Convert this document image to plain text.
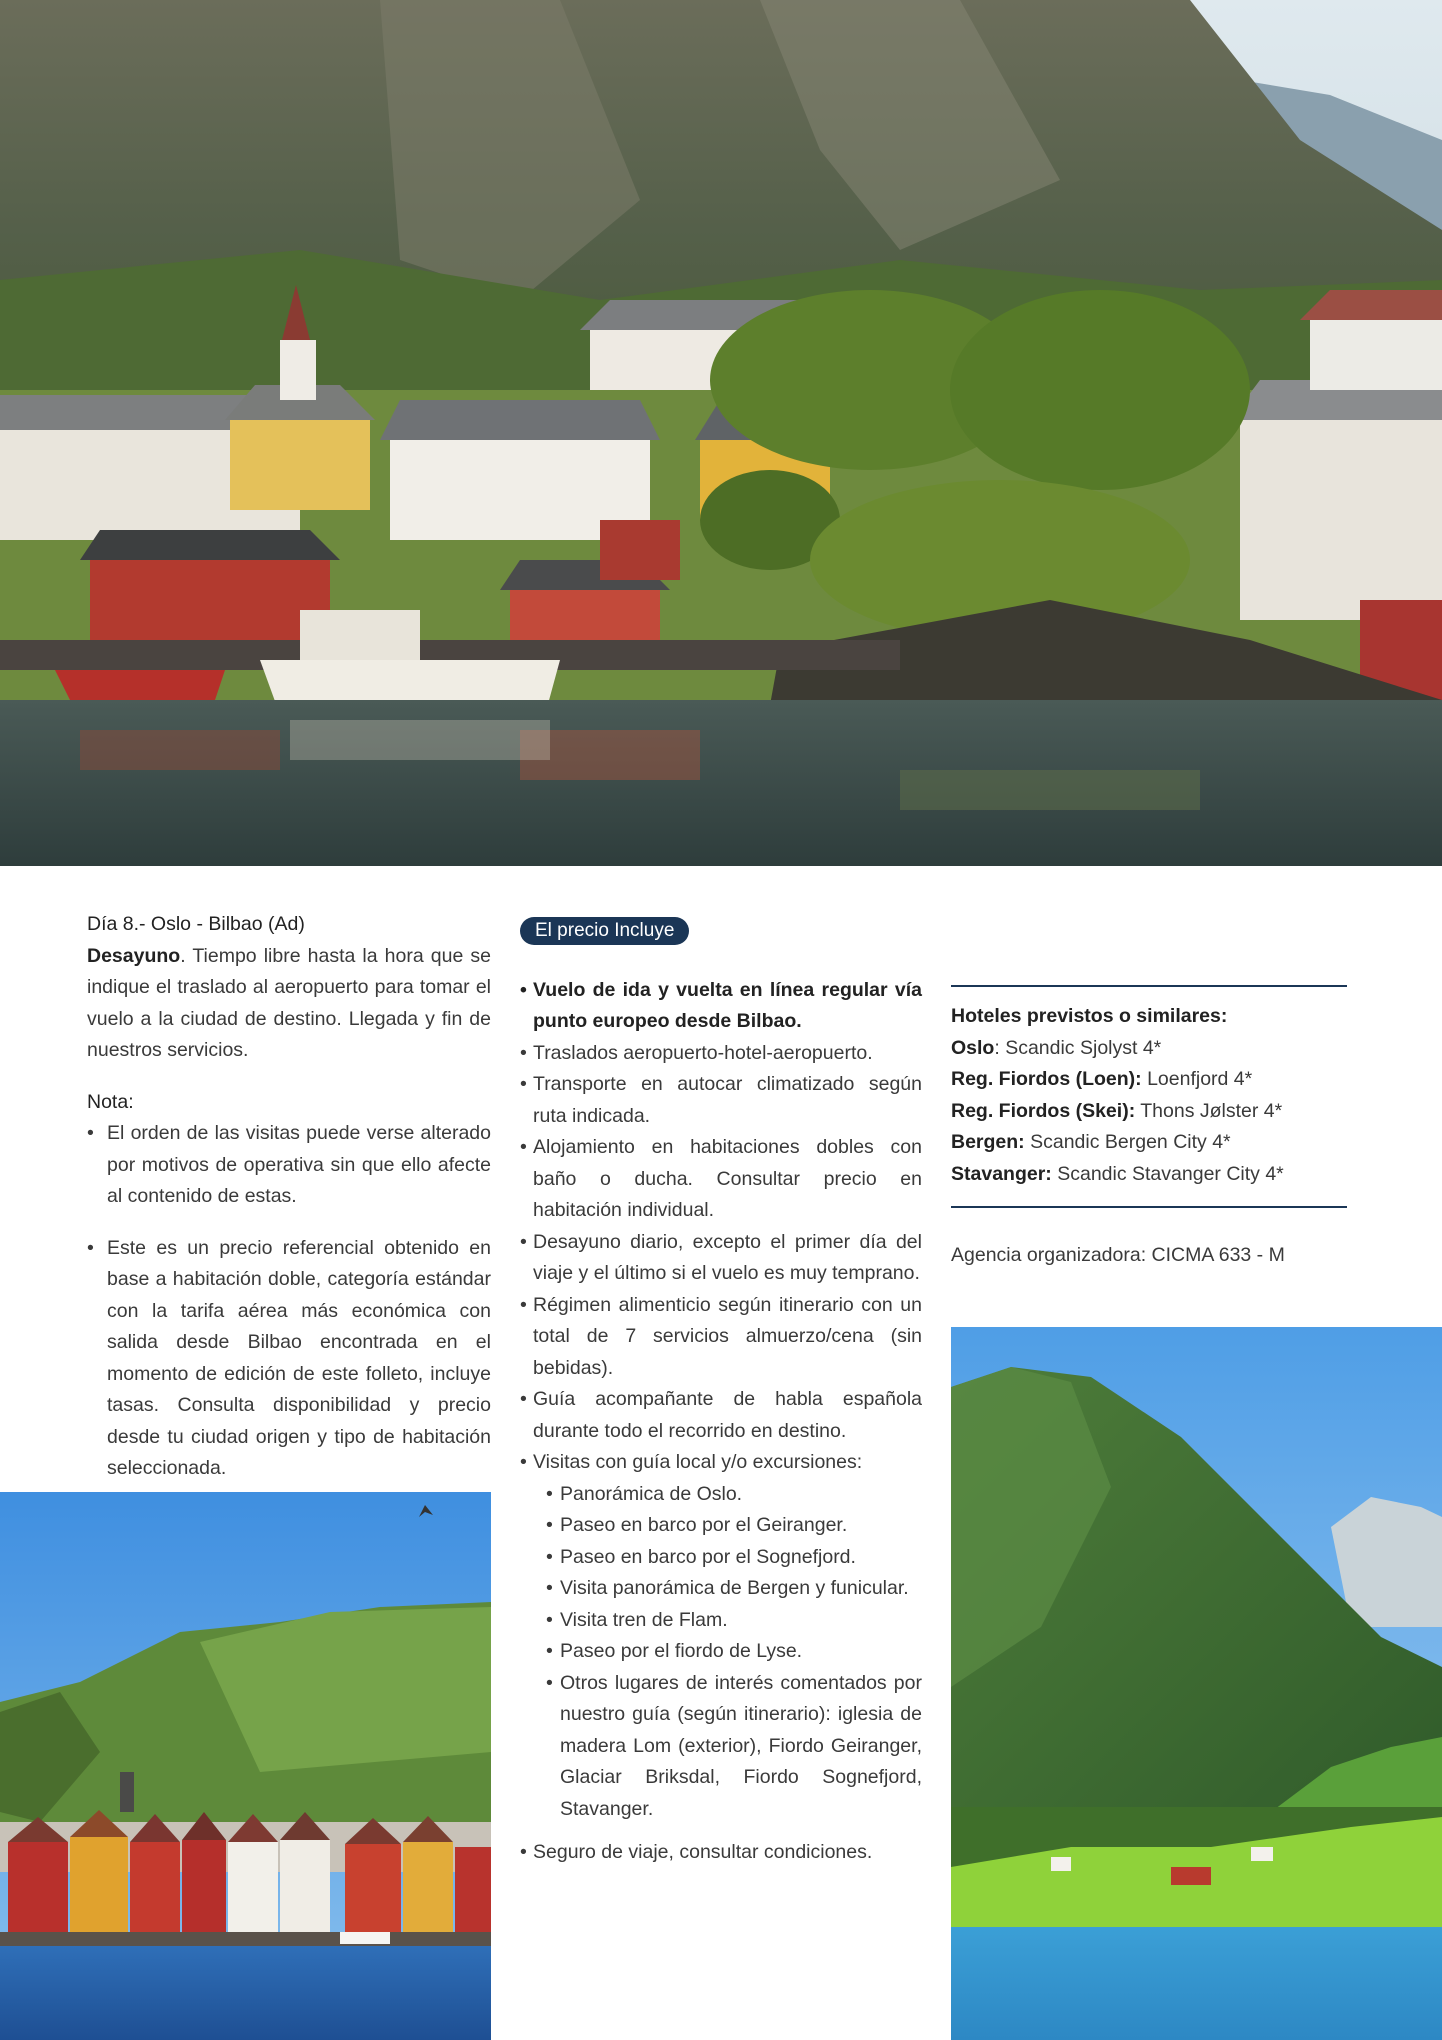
Día 8.- Oslo - Bilbao (Ad)
Desayuno. Tiempo libre hasta la hora que se indique el traslado al aeropuerto para tomar el vuelo a la ciudad de destino. Llegada y fin de nuestros servicios.
Nota:
• El orden de las visitas puede verse alterado por motivos de operativa sin que ello afecte al contenido de estas.
• Este es un precio referencial obtenido en base a habitación doble, categoría estándar con la tarifa aérea más económica con salida desde Bilbao encontrada en el momento de edición de este folleto, incluye tasas. Consulta disponibilidad y precio desde tu ciudad origen y tipo de habitación seleccionada.
El precio Incluye
• Vuelo de ida y vuelta en línea regular vía punto europeo desde Bilbao.
• Traslados aeropuerto-hotel-aeropuerto.
• Transporte en autocar climatizado según ruta indicada.
• Alojamiento en habitaciones dobles con baño o ducha. Consultar precio en habitación individual.
• Desayuno diario, excepto el primer día del viaje y el último si el vuelo es muy temprano.
• Régimen alimenticio según itinerario con un total de 7 servicios almuerzo/cena (sin bebidas).
• Guía acompañante de habla española durante todo el recorrido en destino.
• Visitas con guía local y/o excursiones:
• Panorámica de Oslo.
• Paseo en barco por el Geiranger.
• Paseo en barco por el Sognefjord.
• Visita panorámica de Bergen y funicular.
• Visita tren de Flam.
• Paseo por el fiordo de Lyse.
• Otros lugares de interés comentados por nuestro guía (según itinerario): iglesia de madera Lom (exterior), Fiordo Geiranger, Glaciar Briksdal, Fiordo Sognefjord, Stavanger.
• Seguro de viaje, consultar condiciones.
Hoteles previstos o similares:
Oslo: Scandic Sjolyst 4*
Reg. Fiordos (Loen): Loenfjord 4*
Reg. Fiordos (Skei): Thons Jølster 4*
Bergen: Scandic Bergen City 4*
Stavanger: Scandic Stavanger City 4*
Agencia organizadora: CICMA 633 - M
